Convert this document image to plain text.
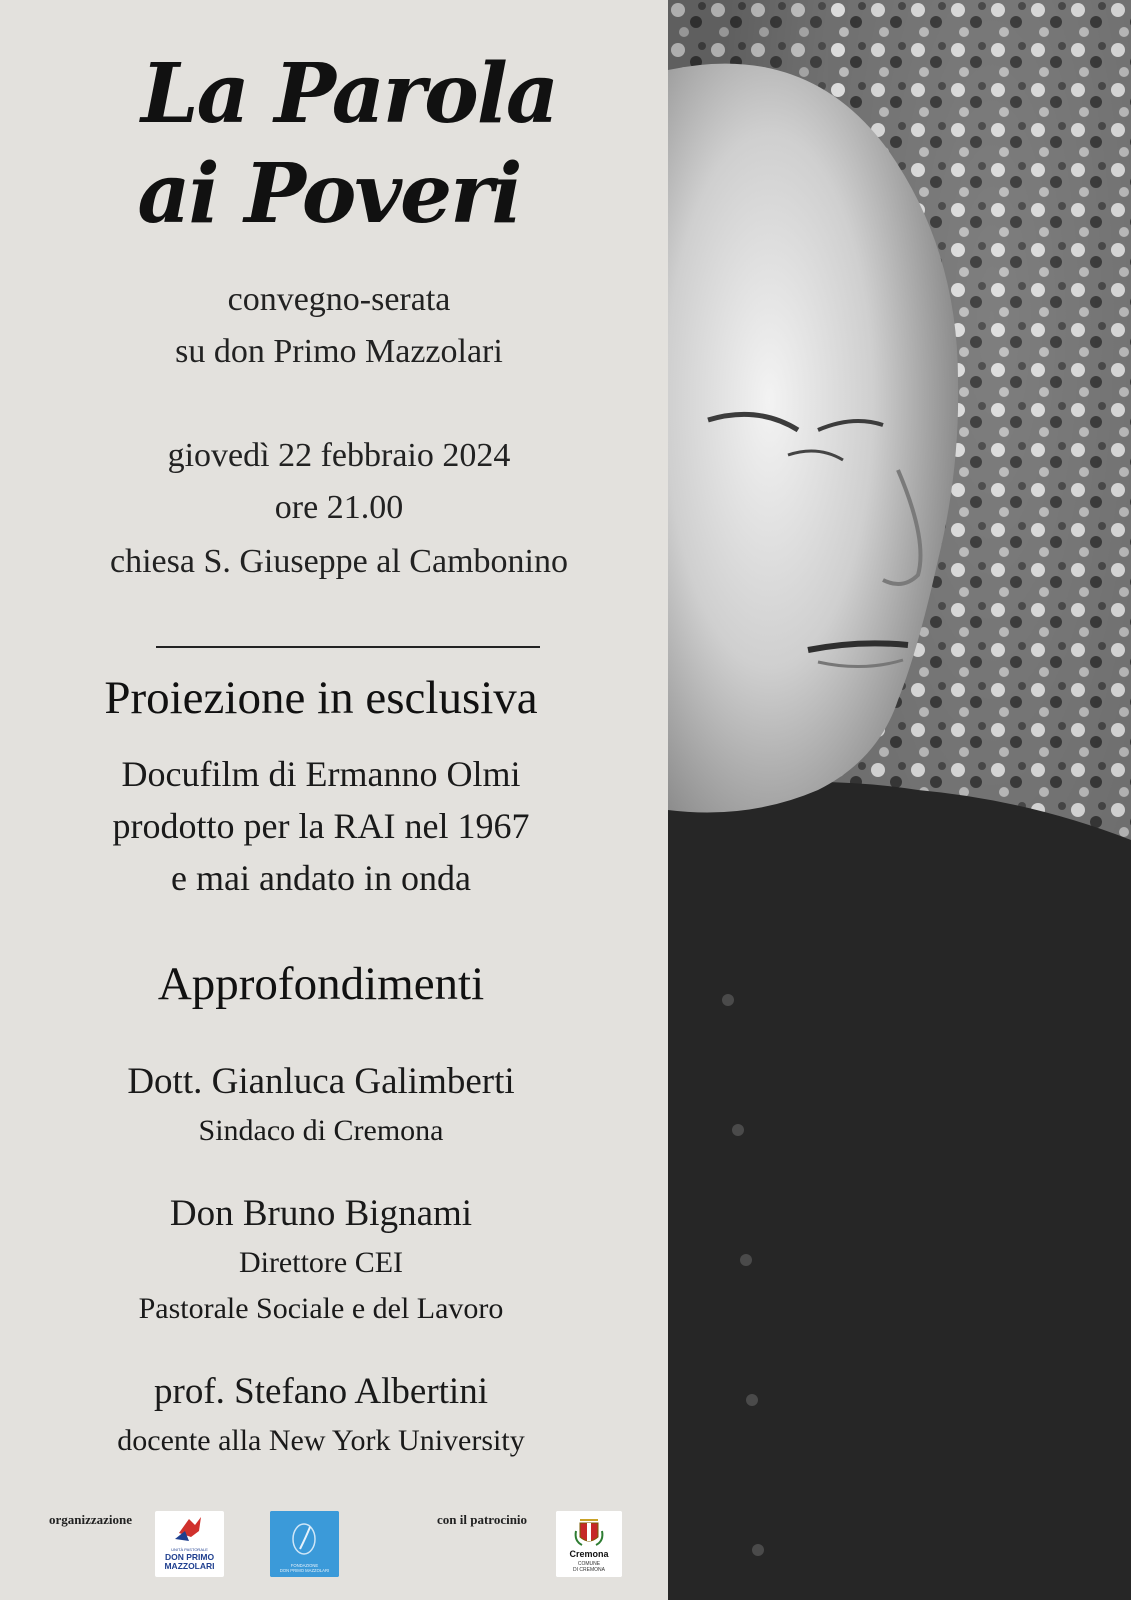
La Parola
ai Poveri
convegno-serata
su don Primo Mazzolari
giovedì 22 febbraio 2024
ore 21.00
chiesa S. Giuseppe al Cambonino
Proiezione in esclusiva
Docufilm di Ermanno Olmi
prodotto per la RAI nel 1967
e mai andato in onda
Approfondimenti
Dott. Gianluca Galimberti
Sindaco di Cremona
Don Bruno Bignami
Direttore CEI
Pastorale Sociale e del Lavoro
prof. Stefano Albertini
docente alla New York University
organizzazione	con il patrocinio
UNITÀ PASTORALE
DON PRIMO
MAZZOLARI	FONDAZIONE
DON PRIMO MAZZOLARI
Cremona
COMUNE
DI CREMONA
